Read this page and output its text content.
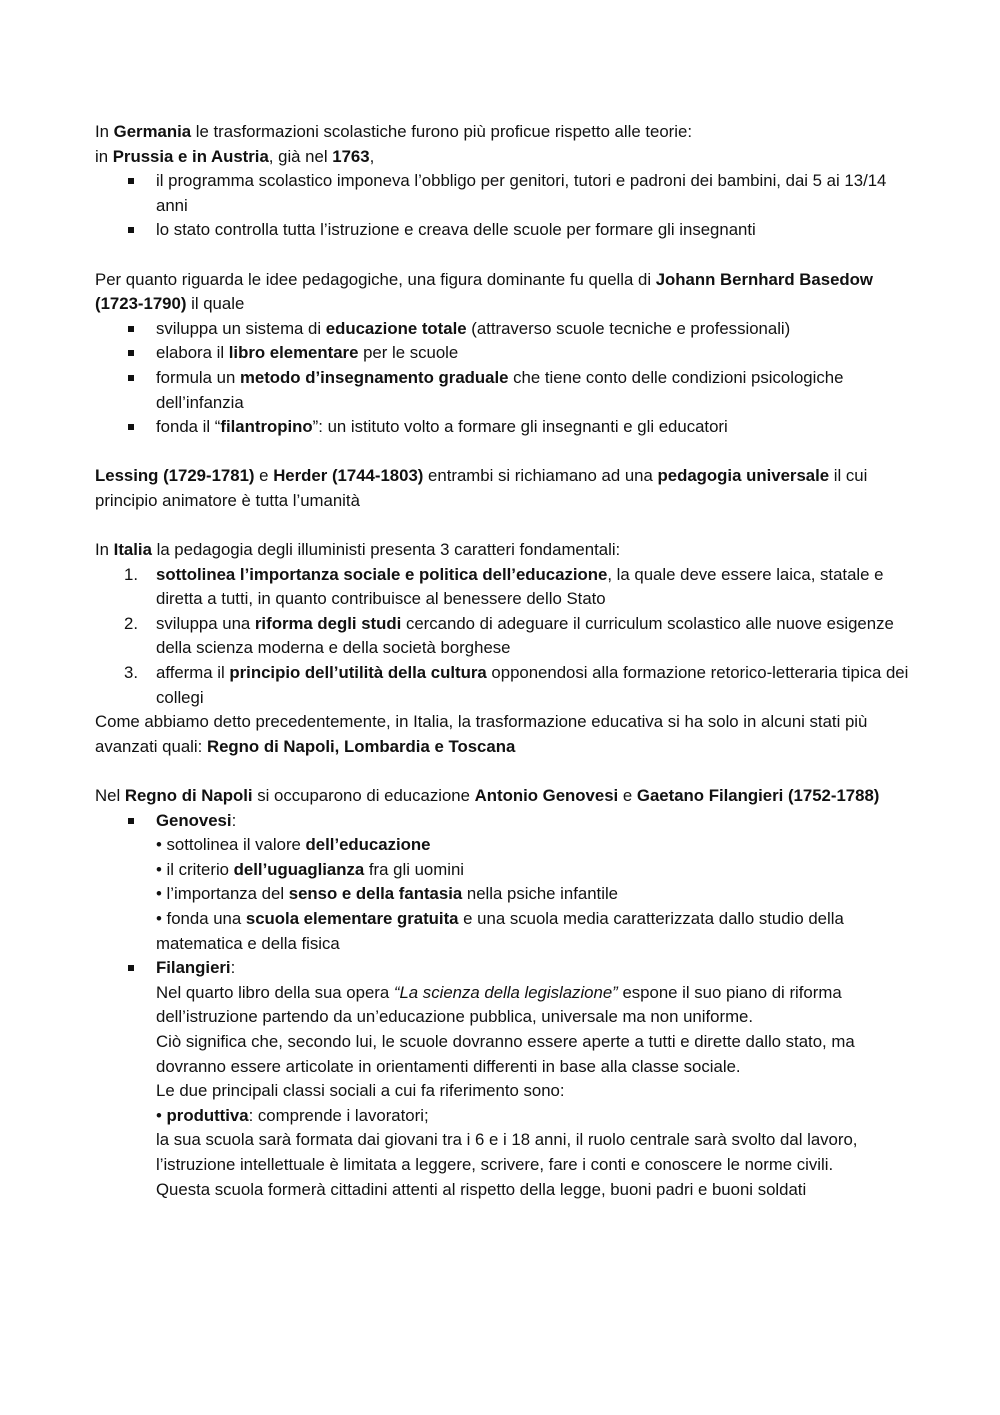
In Germania le trasformazioni scolastiche furono più proficue rispetto alle teorie:

in Prussia e in Austria, già nel 1763,

il programma scolastico imponeva l’obbligo per genitori, tutori e padroni dei bambini, dai 5 ai 13/14 anni
lo stato controlla tutta l’istruzione e creava delle scuole per formare gli insegnanti

Per quanto riguarda le idee pedagogiche, una figura dominante fu quella di Johann Bernhard Basedow (1723-1790) il quale

sviluppa un sistema di educazione totale (attraverso scuole tecniche e professionali)
elabora il libro elementare per le scuole
formula un metodo d’insegnamento graduale che tiene conto delle condizioni psicologiche dell’infanzia
fonda il “filantropino”: un istituto volto a formare gli insegnanti e gli educatori

Lessing (1729-1781) e Herder (1744-1803) entrambi si richiamano ad una pedagogia universale il cui principio animatore è tutta l’umanità

In Italia la pedagogia degli illuministi presenta 3 caratteri fondamentali:

1. sottolinea l’importanza sociale e politica dell’educazione, la quale deve essere laica, statale e diretta a tutti, in quanto contribuisce al benessere dello Stato
2. sviluppa una riforma degli studi cercando di adeguare il curriculum scolastico alle nuove esigenze della scienza moderna e della società borghese
3. afferma il principio dell’utilità della cultura opponendosi alla formazione retorico-letteraria tipica dei collegi

Come abbiamo detto precedentemente, in Italia, la trasformazione educativa si ha solo in alcuni stati più avanzati quali: Regno di Napoli, Lombardia e Toscana

Nel Regno di Napoli si occuparono di educazione Antonio Genovesi e Gaetano Filangieri (1752-1788)

Genovesi:
• sottolinea il valore dell’educazione
• il criterio dell’uguaglianza fra gli uomini
• l’importanza del senso e della fantasia nella psiche infantile
• fonda una scuola elementare gratuita e una scuola media caratterizzata dallo studio della matematica e della fisica
Filangieri:
Nel quarto libro della sua opera “La scienza della legislazione” espone il suo piano di riforma dell’istruzione partendo da un’educazione pubblica, universale ma non uniforme.
Ciò significa che, secondo lui, le scuole dovranno essere aperte a tutti e dirette dallo stato, ma dovranno essere articolate in orientamenti differenti in base alla classe sociale.
Le due principali classi sociali a cui fa riferimento sono:
• produttiva: comprende i lavoratori;
la sua scuola sarà formata dai giovani tra i 6 e i 18 anni, il ruolo centrale sarà svolto dal lavoro, l’istruzione intellettuale è limitata a leggere, scrivere, fare i conti e conoscere le norme civili.
Questa scuola formerà cittadini attenti al rispetto della legge, buoni padri e buoni soldati
